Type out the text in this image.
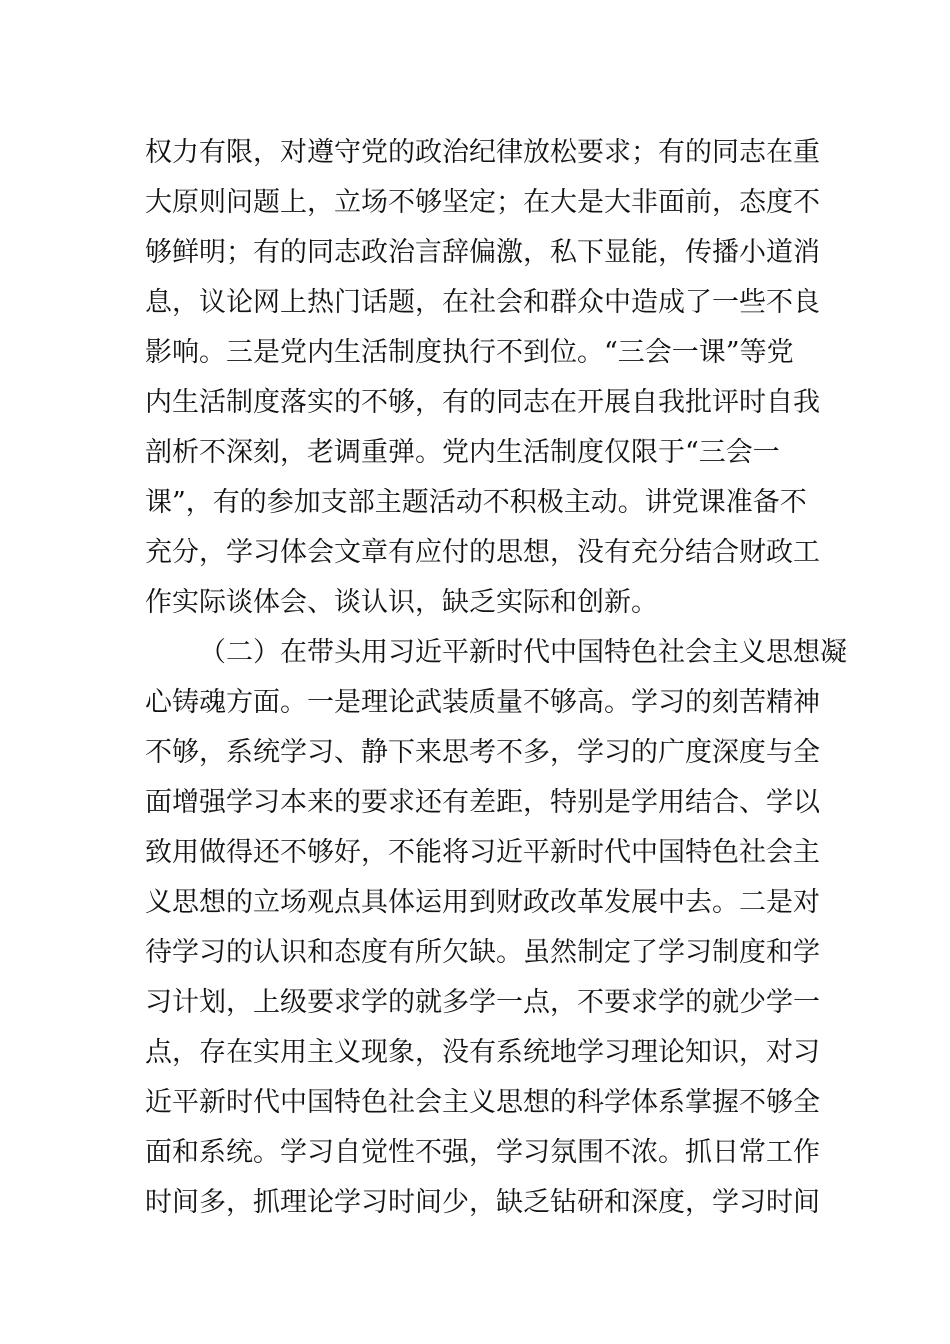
权力有限，对遵守党的政治纪律放松要求；有的同志在重
大原则问题上，立场不够坚定；在大是大非面前，态度不
够鲜明；有的同志政治言辞偏激，私下显能，传播小道消
息，议论网上热门话题，在社会和群众中造成了一些不良
影响。三是党内生活制度执行不到位。“三会一课”等党
内生活制度落实的不够，有的同志在开展自我批评时自我
剖析不深刻，老调重弹。党内生活制度仅限于“三会一
课”，有的参加支部主题活动不积极主动。讲党课准备不
充分，学习体会文章有应付的思想，没有充分结合财政工
作实际谈体会、谈认识，缺乏实际和创新。
（二）在带头用习近平新时代中国特色社会主义思想凝
心铸魂方面。一是理论武装质量不够高。学习的刻苦精神
不够，系统学习、静下来思考不多，学习的广度深度与全
面增强学习本来的要求还有差距，特别是学用结合、学以
致用做得还不够好，不能将习近平新时代中国特色社会主
义思想的立场观点具体运用到财政改革发展中去。二是对
待学习的认识和态度有所欠缺。虽然制定了学习制度和学
习计划，上级要求学的就多学一点，不要求学的就少学一
点，存在实用主义现象，没有系统地学习理论知识，对习
近平新时代中国特色社会主义思想的科学体系掌握不够全
面和系统。学习自觉性不强，学习氛围不浓。抓日常工作
时间多，抓理论学习时间少，缺乏钻研和深度，学习时间
